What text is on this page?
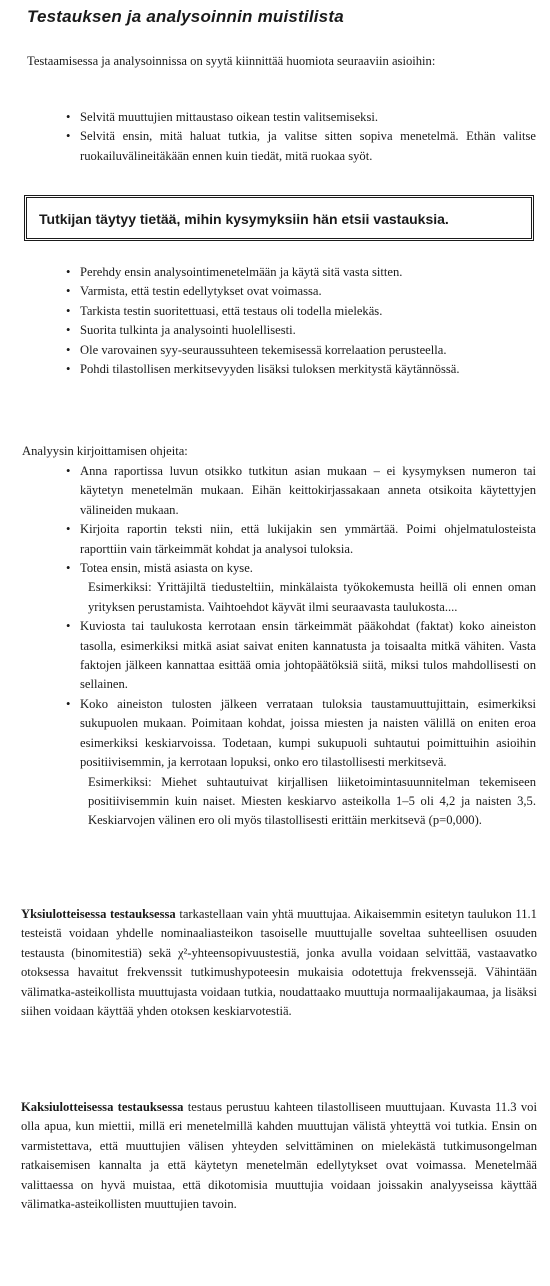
Testauksen ja analysoinnin muistilista

Testaamisessa ja analysoinnissa on syytä kiinnittää huomiota seuraaviin asioihin:

• Selvitä muuttujien mittaustaso oikean testin valitsemiseksi.
• Selvitä ensin, mitä haluat tutkia, ja valitse sitten sopiva menetelmä. Ethän valitse ruokailuvälineitäkään ennen kuin tiedät, mitä ruokaa syöt.
Tutkijan täytyy tietää, mihin kysymyksiin hän etsii vastauksia.
• Perehdy ensin analysointimenetelmään ja käytä sitä vasta sitten.
• Varmista, että testin edellytykset ovat voimassa.
• Tarkista testin suoritettuasi, että testaus oli todella mielekäs.
• Suorita tulkinta ja analysointi huolellisesti.
• Ole varovainen syy-seuraussuhteen tekemisessä korrelaation perusteella.
• Pohdi tilastollisen merkitsevyyden lisäksi tuloksen merkitystä käytännössä.

Analyysin kirjoittamisen ohjeita:

• Anna raportissa luvun otsikko tutkitun asian mukaan – ei kysymyksen numeron tai käytetyn menetelmän mukaan. Eihän keittokirjassakaan anneta otsikoita käytettyjen välineiden mukaan.
• Kirjoita raportin teksti niin, että lukijakin sen ymmärtää. Poimi ohjelmatulosteista raporttiin vain tärkeimmät kohdat ja analysoi tuloksia.
• Totea ensin, mistä asiasta on kyse.
Esimerkiksi: Yrittäjiltä tiedusteltiin, minkälaista työkokemusta heillä oli ennen oman yrityksen perustamista. Vaihtoehdot käyvät ilmi seuraavasta taulukosta....
• Kuviosta tai taulukosta kerrotaan ensin tärkeimmät pääkohdat (faktat) koko aineiston tasolla, esimerkiksi mitkä asiat saivat eniten kannatusta ja toisaalta mitkä vähiten. Vasta faktojen jälkeen kannattaa esittää omia johtopäätöksiä siitä, miksi tulos mahdollisesti on sellainen.
• Koko aineiston tulosten jälkeen verrataan tuloksia taustamuuttujittain, esimerkiksi sukupuolen mukaan. Poimitaan kohdat, joissa miesten ja naisten välillä on eniten eroa esimerkiksi keskiarvoissa. Todetaan, kumpi sukupuoli suhtautui poimittuihin asioihin positiivisemmin, ja kerrotaan lopuksi, onko ero tilastollisesti merkitsevä.
Esimerkiksi: Miehet suhtautuivat kirjallisen liiketoimintasuunnitelman tekemiseen positiivisemmin kuin naiset. Miesten keskiarvo asteikolla 1–5 oli 4,2 ja naisten 3,5. Keskiarvojen välinen ero oli myös tilastollisesti erittäin merkitsevä (p=0,000).

Yksiulotteisessa testauksessa tarkastellaan vain yhtä muuttujaa. Aikaisemmin esitetyn taulukon 11.1 testeistä voidaan yhdelle nominaaliasteikon tasoiselle muuttujalle soveltaa suhteellisen osuuden testausta (binomitestiä) sekä χ²-yhteensopivuustestiä, jonka avulla voidaan selvittää, vastaavatko otoksessa havaitut frekvenssit tutkimushypoteesin mukaisia odotettuja frekvenssejä. Vähintään välimatka-asteikollista muuttujasta voidaan tutkia, noudattaako muuttuja normaalijakaumaa, ja lisäksi siihen voidaan käyttää yhden otoksen keskiarvotestiä.

Kaksiulotteisessa testauksessa testaus perustuu kahteen tilastolliseen muuttujaan. Kuvasta 11.3 voi olla apua, kun miettii, millä eri menetelmillä kahden muuttujan välistä yhteyttä voi tutkia. Ensin on varmistettava, että muuttujien välisen yhteyden selvittäminen on mielekästä tutkimusongelman ratkaisemisen kannalta ja että käytetyn menetelmän edellytykset ovat voimassa. Menetelmää valittaessa on hyvä muistaa, että dikotomisia muuttujia voidaan joissakin analyyseissa käyttää välimatka-asteikollisten muuttujien tavoin.
